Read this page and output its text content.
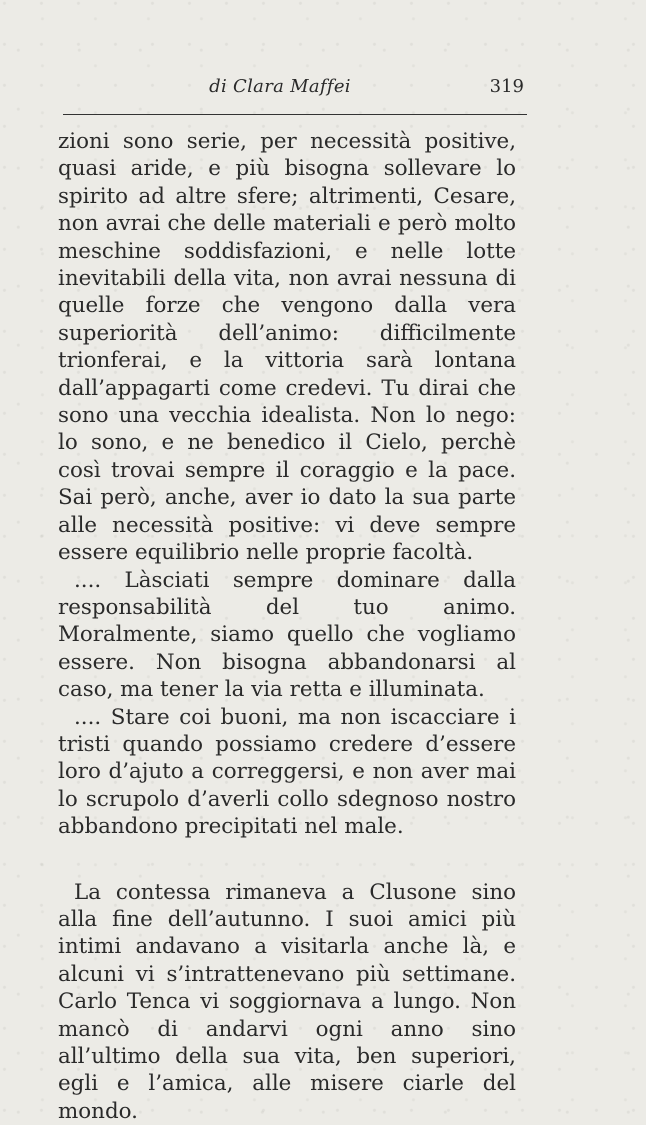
di Clara Maffei	319

zioni sono serie, per necessità positive, quasi aride, e più bisogna sollevare lo spirito ad altre sfere; altrimenti, Cesare, non avrai che delle materiali e però molto meschine soddisfazioni, e nelle lotte inevitabili della vita, non avrai nessuna di quelle forze che vengono dalla vera superiorità dell’animo: difficilmente trionferai, e la vittoria sarà lontana dall’appagarti come credevi. Tu dirai che sono una vecchia idealista. Non lo nego: lo sono, e ne benedico il Cielo, perchè così trovai sempre il coraggio e la pace. Sai però, anche, aver io dato la sua parte alle necessità positive: vi deve sempre essere equilibrio nelle proprie facoltà.

.... Làsciati sempre dominare dalla responsabilità del tuo animo. Moralmente, siamo quello che vogliamo essere. Non bisogna abbandonarsi al caso, ma tener la via retta e illuminata.

.... Stare coi buoni, ma non iscacciare i tristi quando possiamo credere d’essere loro d’ajuto a correggersi, e non aver mai lo scrupolo d’averli collo sdegnoso nostro abbandono precipitati nel male.

La contessa rimaneva a Clusone sino alla fine dell’autunno. I suoi amici più intimi andavano a visitarla anche là, e alcuni vi s’intrattenevano più settimane. Carlo Tenca vi soggiornava a lungo. Non mancò di andarvi ogni anno sino all’ultimo della sua vita, ben superiori, egli e l’amica, alle misere ciarle del mondo.
